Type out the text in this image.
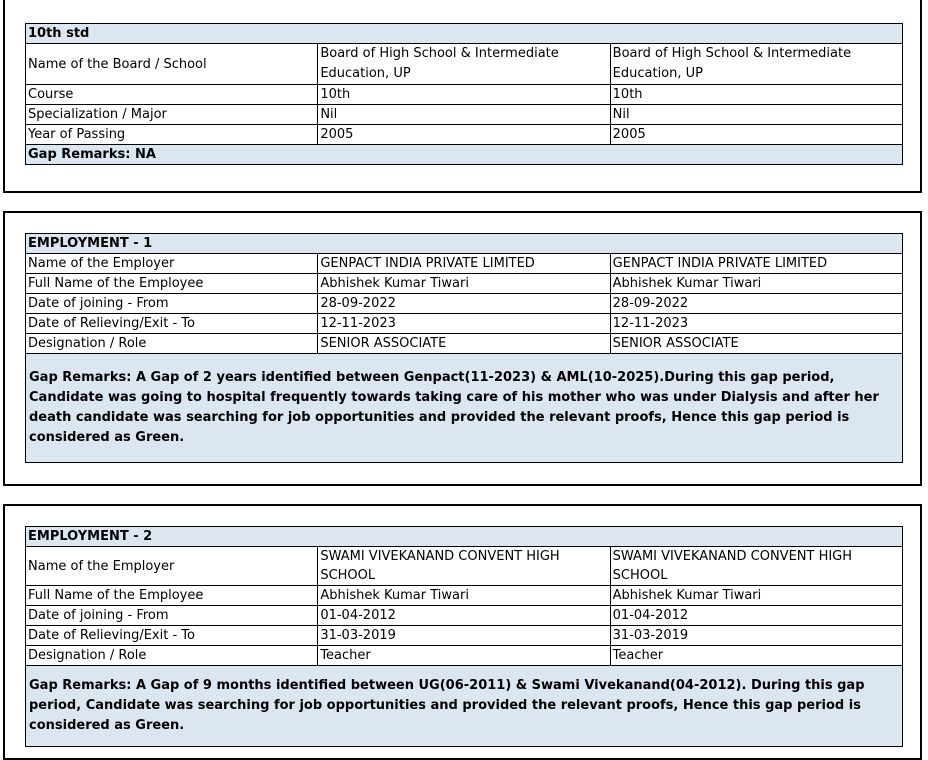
10th std		
Name of the Board / School	Board of High School & Intermediate Education, UP	Board of High School & Intermediate Education, UP
Course	10th	10th
Specialization / Major	Nil	Nil
Year of Passing	2005	2005
Gap Remarks: NA		
EMPLOYMENT - 1		
Name of the Employer	GENPACT INDIA PRIVATE LIMITED	GENPACT INDIA PRIVATE LIMITED
Full Name of the Employee	Abhishek Kumar Tiwari	Abhishek Kumar Tiwari
Date of joining - From	28-09-2022	28-09-2022
Date of Relieving/Exit - To	12-11-2023	12-11-2023
Designation / Role	SENIOR ASSOCIATE	SENIOR ASSOCIATE

Gap Remarks: A Gap of 2 years identified between Genpact(11-2023) & AML(10-2025).During this gap period, Candidate was going to hospital frequently towards taking care of his mother who was under Dialysis and after her death candidate was searching for job opportunities and provided the relevant proofs, Hence this gap period is considered as Green.		
EMPLOYMENT - 2		
Name of the Employer	SWAMI VIVEKANAND CONVENT HIGH SCHOOL	SWAMI VIVEKANAND CONVENT HIGH SCHOOL
Full Name of the Employee	Abhishek Kumar Tiwari	Abhishek Kumar Tiwari
Date of joining - From	01-04-2012	01-04-2012
Date of Relieving/Exit - To	31-03-2019	31-03-2019
Designation / Role	Teacher	Teacher

Gap Remarks: A Gap of 9 months identified between UG(06-2011) & Swami Vivekanand(04-2012). During this gap period, Candidate was searching for job opportunities and provided the relevant proofs, Hence this gap period is considered as Green.		
